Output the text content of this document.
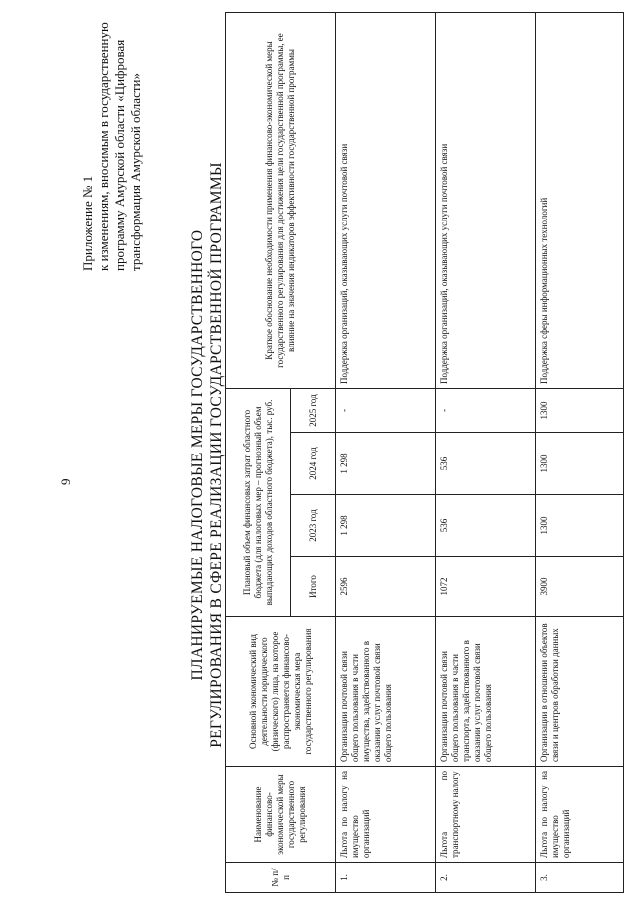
9
Приложение № 1 к изменениям, вносимым в государственную программу Амурской области «Цифровая трансформация Амурской области»
ПЛАНИРУЕМЫЕ НАЛОГОВЫЕ МЕРЫ ГОСУДАРСТВЕННОГО РЕГУЛИРОВАНИЯ В СФЕРЕ РЕАЛИЗАЦИИ ГОСУДАРСТВЕННОЙ ПРОГРАММЫ
№ п/п	Наименование финансово-экономической меры государственного регулирования	Основной экономический вид деятельности юридического (физического) лица, на которое распространяется финансово-экономическая мера государственного регулирования	Плановый объем финансовых затрат областного бюджета (для налоговых мер – прогнозный объем выпадающих доходов областного бюджета), тыс. руб.				Краткое обоснование необходимости применения финансово-экономической меры государственного регулирования для достижения цели государственной программы, ее влияние на значения индикаторов эффективности государственной программы
			Итого	2023 год	2024 год	2025 год	
1.	Льгота по налогу на имущество организаций	Организации почтовой связи общего пользования в части имущества, задействованного в оказании услуг почтовой связи общего пользования	2596	1 298	1 298	-	Поддержка организаций, оказывающих услуги почтовой связи
2.	Льгота по транспортному налогу	Организации почтовой связи общего пользования в части транспорта, задействованного в оказании услуг почтовой связи общего пользования	1072	536	536	-	Поддержка организаций, оказывающих услуги почтовой связи
3.	Льгота по налогу на имущество организаций	Организации в отношении объектов связи и центров обработки данных	3900	1300	1300	1300	Поддержка сферы информационных технологий
